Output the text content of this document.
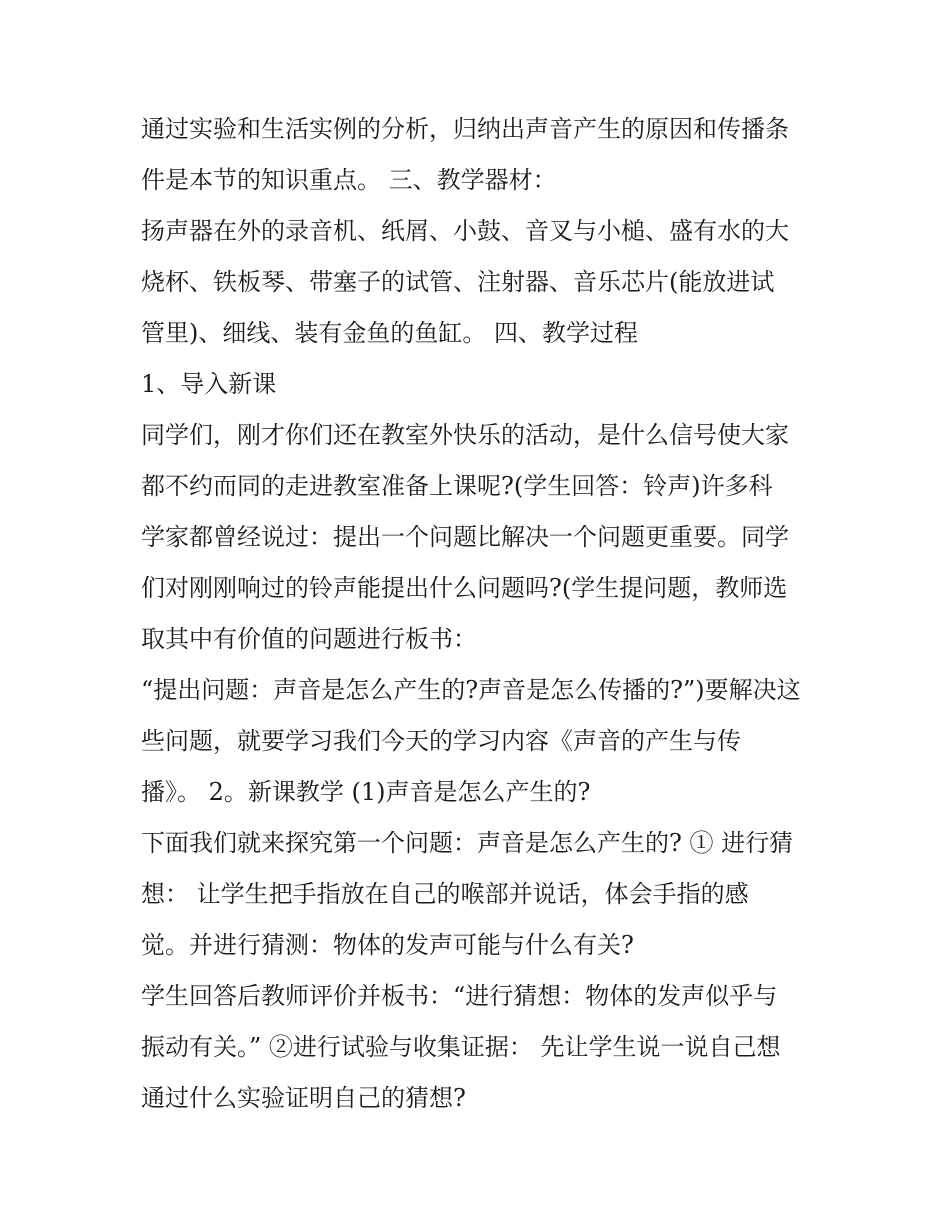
通过实验和生活实例的分析，归纳出声音产生的原因和传播条
件是本节的知识重点。 三、教学器材：
扬声器在外的录音机、纸屑、小鼓、音叉与小槌、盛有水的大
烧杯、铁板琴、带塞子的试管、注射器、音乐芯片(能放进试
管里)、细线、装有金鱼的鱼缸。 四、教学过程
1、导入新课
同学们，刚才你们还在教室外快乐的活动，是什么信号使大家
都不约而同的走进教室准备上课呢?(学生回答：铃声)许多科
学家都曾经说过：提出一个问题比解决一个问题更重要。同学
们对刚刚响过的铃声能提出什么问题吗?(学生提问题，教师选
取其中有价值的问题进行板书：
“提出问题：声音是怎么产生的?声音是怎么传播的?”)要解决这
些问题，就要学习我们今天的学习内容《声音的产生与传
播》。 2。新课教学 (1)声音是怎么产生的?
下面我们就来探究第一个问题：声音是怎么产生的? ① 进行猜
想： 让学生把手指放在自己的喉部并说话，体会手指的感
觉。并进行猜测：物体的发声可能与什么有关?
学生回答后教师评价并板书：“进行猜想：物体的发声似乎与
振动有关。” ②进行试验与收集证据： 先让学生说一说自己想
通过什么实验证明自己的猜想?
